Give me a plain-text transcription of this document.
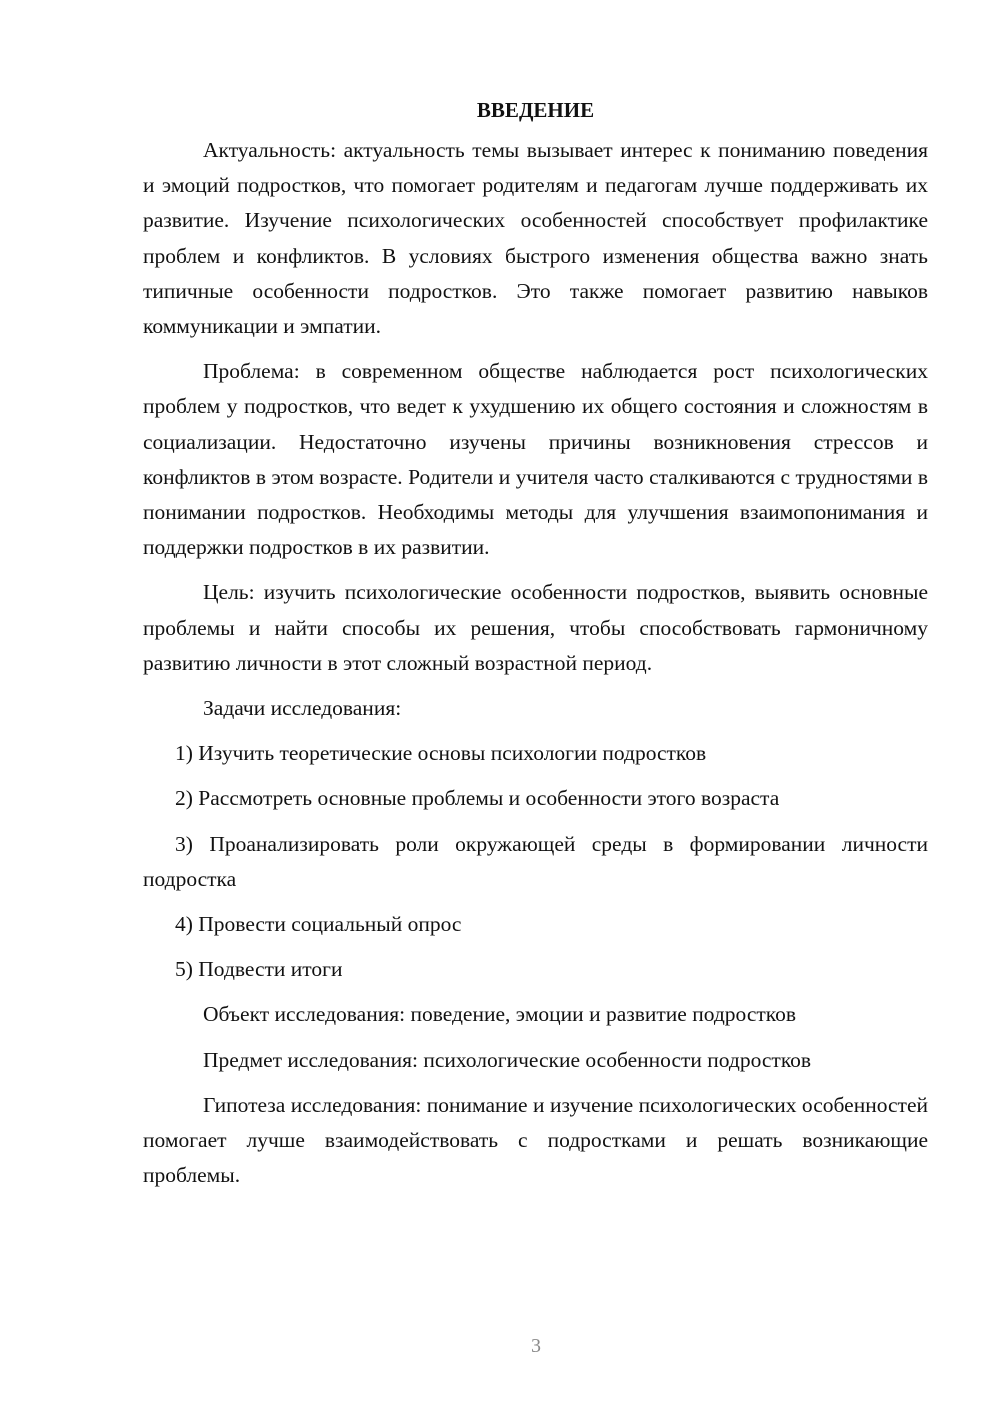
ВВЕДЕНИЕ

Актуальность: актуальность темы вызывает интерес к пониманию поведения и эмоций подростков, что помогает родителям и педагогам лучше поддерживать их развитие. Изучение психологических особенностей способствует профилактике проблем и конфликтов. В условиях быстрого изменения общества важно знать типичные особенности подростков. Это также помогает развитию навыков коммуникации и эмпатии.

Проблема: в современном обществе наблюдается рост психологических проблем у подростков, что ведет к ухудшению их общего состояния и сложностям в социализации. Недостаточно изучены причины возникновения стрессов и конфликтов в этом возрасте. Родители и учителя часто сталкиваются с трудностями в понимании подростков. Необходимы методы для улучшения взаимопонимания и поддержки подростков в их развитии.

Цель: изучить психологические особенности подростков, выявить основные проблемы и найти способы их решения, чтобы способствовать гармоничному развитию личности в этот сложный возрастной период.

Задачи исследования:

1) Изучить теоретические основы психологии подростков

2) Рассмотреть основные проблемы и особенности этого возраста

3) Проанализировать роли окружающей среды в формировании личности подростка

4) Провести социальный опрос

5) Подвести итоги

Объект исследования: поведение, эмоции и развитие подростков

Предмет исследования: психологические особенности подростков

Гипотеза исследования: понимание и изучение психологических особенностей помогает лучше взаимодействовать с подростками и решать возникающие проблемы.

3
